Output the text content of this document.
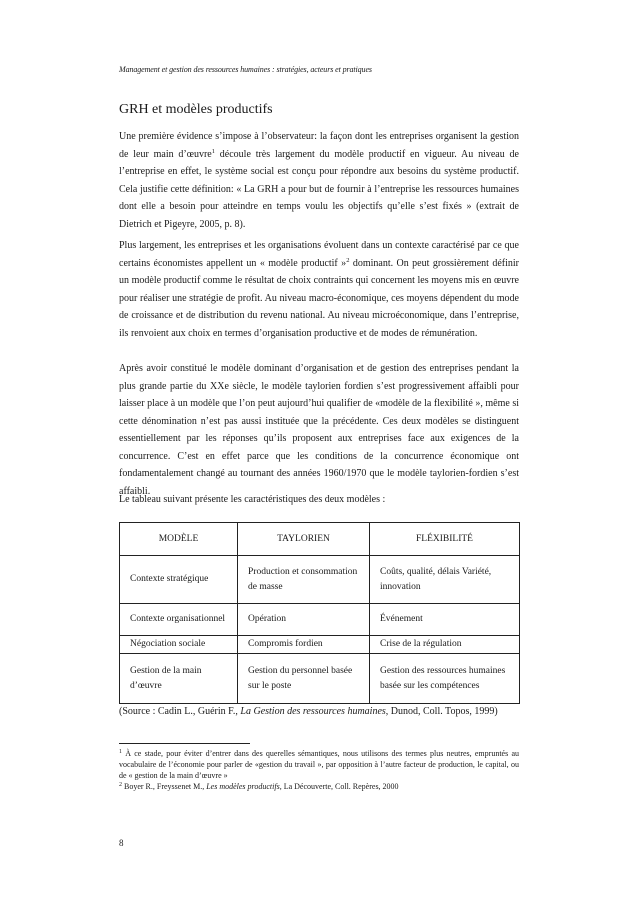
Management et gestion des ressources humaines : stratégies, acteurs et pratiques
GRH et modèles productifs

Une première évidence s’impose à l’observateur: la façon dont les entreprises organisent la gestion de leur main d’œuvre$^1$ découle très largement du modèle productif en vigueur. Au niveau de l’entreprise en effet, le système social est conçu pour répondre aux besoins du système productif. Cela justifie cette définition: « La GRH a pour but de fournir à l’entreprise les ressources humaines dont elle a besoin pour atteindre en temps voulu les objectifs qu’elle s’est fixés » (extrait de Dietrich et Pigeyre, 2005, p. 8).

Plus largement, les entreprises et les organisations évoluent dans un contexte caractérisé par ce que certains économistes appellent un « modèle productif »$^2$ dominant. On peut grossièrement définir un modèle productif comme le résultat de choix contraints qui concernent les moyens mis en œuvre pour réaliser une stratégie de profit. Au niveau macro-économique, ces moyens dépendent du mode de croissance et de distribution du revenu national. Au niveau microéconomique, dans l’entreprise, ils renvoient aux choix en termes d’organisation productive et de modes de rémunération.

Après avoir constitué le modèle dominant d’organisation et de gestion des entreprises pendant la plus grande partie du XXe siècle, le modèle taylorien fordien s’est progressivement affaibli pour laisser place à un modèle que l’on peut aujourd’hui qualifier de «modèle de la flexibilité », même si cette dénomination n’est pas aussi instituée que la précédente. Ces deux modèles se distinguent essentiellement par les réponses qu’ils proposent aux entreprises face aux exigences de la concurrence. C’est en effet parce que les conditions de la concurrence économique ont fondamentalement changé au tournant des années 1960/1970 que le modèle taylorien-fordien s’est affaibli.

Le tableau suivant présente les caractéristiques des deux modèles :

MODÈLE	TAYLORIEN	FLÉXIBILITÉ
Contexte stratégique	Production et consommation de masse	Coûts, qualité, délais Variété, innovation
Contexte organisationnel	Opération	Événement
Négociation sociale	Compromis fordien	Crise de la régulation
Gestion de la main d’œuvre	Gestion du personnel basée sur le poste	Gestion des ressources humaines basée sur les compétences

(Source : Cadin L., Guérin F., La Gestion des ressources humaines, Dunod, Coll. Topos, 1999)

$^1$ À ce stade, pour éviter d’entrer dans des querelles sémantiques, nous utilisons des termes plus neutres, empruntés au vocabulaire de l’économie pour parler de «gestion du travail », par opposition à l’autre facteur de production, le capital, ou de « gestion de la main d’œuvre »

$^2$ Boyer R., Freyssenet M., Les modèles productifs, La Découverte, Coll. Repères, 2000

8
